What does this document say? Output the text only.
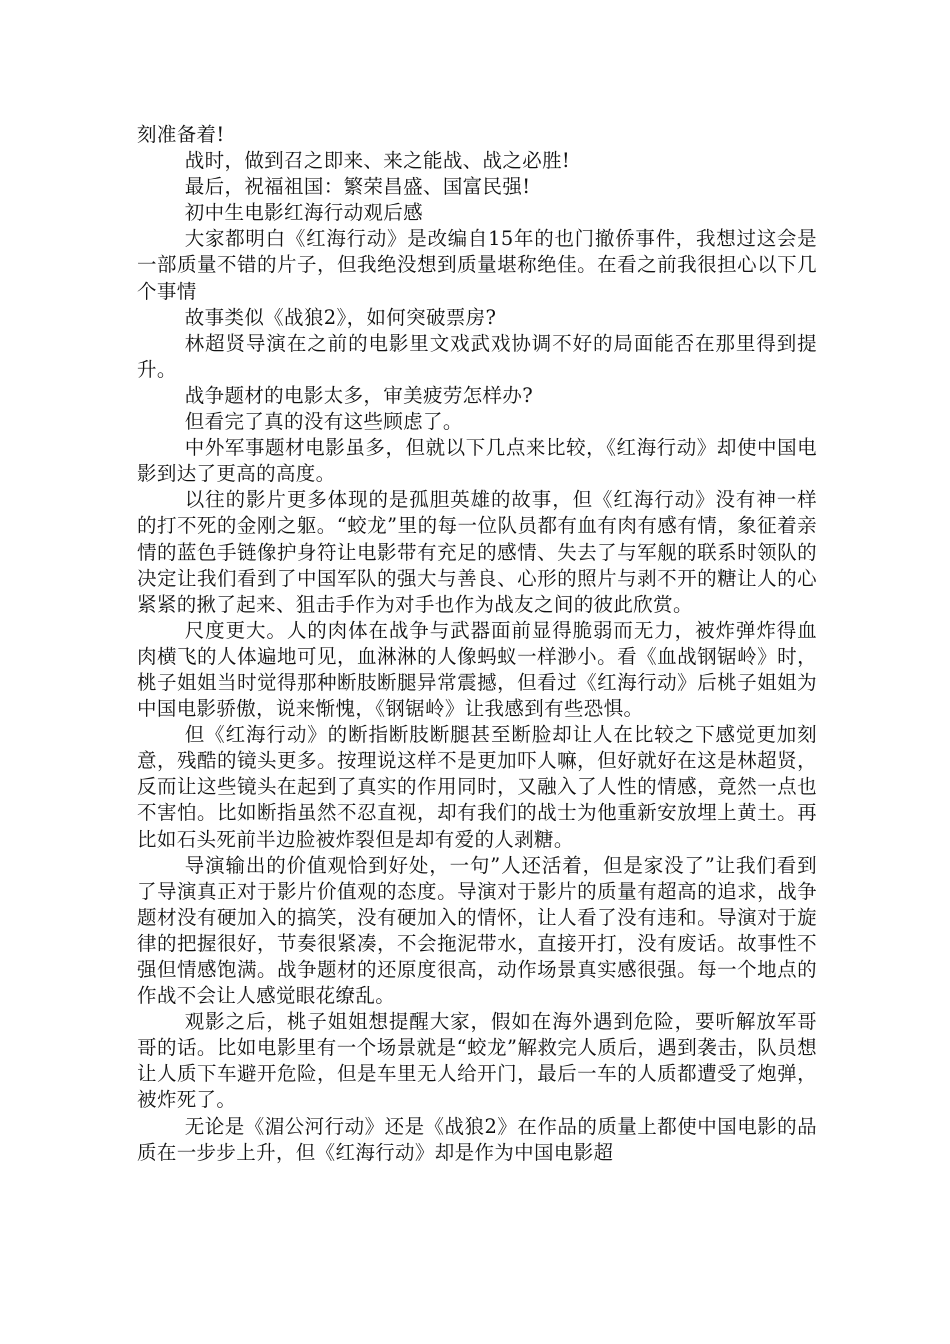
刻准备着!

战时，做到召之即来、来之能战、战之必胜!

最后，祝福祖国：繁荣昌盛、国富民强!

初中生电影红海行动观后感

大家都明白《红海行动》是改编自15年的也门撤侨事件，我想过这会是一部质量不错的片子，但我绝没想到质量堪称绝佳。在看之前我很担心以下几个事情

故事类似《战狼2》，如何突破票房?

林超贤导演在之前的电影里文戏武戏协调不好的局面能否在那里得到提升。

战争题材的电影太多，审美疲劳怎样办?

但看完了真的没有这些顾虑了。

中外军事题材电影虽多，但就以下几点来比较，《红海行动》却使中国电影到达了更高的高度。

以往的影片更多体现的是孤胆英雄的故事，但《红海行动》没有神一样的打不死的金刚之躯。“蛟龙”里的每一位队员都有血有肉有感有情，象征着亲情的蓝色手链像护身符让电影带有充足的感情、失去了与军舰的联系时领队的决定让我们看到了中国军队的强大与善良、心形的照片与剥不开的糖让人的心紧紧的揪了起来、狙击手作为对手也作为战友之间的彼此欣赏。

尺度更大。人的肉体在战争与武器面前显得脆弱而无力，被炸弹炸得血肉横飞的人体遍地可见，血淋淋的人像蚂蚁一样渺小。看《血战钢锯岭》时，桃子姐姐当时觉得那种断肢断腿异常震撼，但看过《红海行动》后桃子姐姐为中国电影骄傲，说来惭愧，《钢锯岭》让我感到有些恐惧。

但《红海行动》的断指断肢断腿甚至断脸却让人在比较之下感觉更加刻意，残酷的镜头更多。按理说这样不是更加吓人嘛，但好就好在这是林超贤，反而让这些镜头在起到了真实的作用同时，又融入了人性的情感，竟然一点也不害怕。比如断指虽然不忍直视，却有我们的战士为他重新安放埋上黄土。再比如石头死前半边脸被炸裂但是却有爱的人剥糖。

导演输出的价值观恰到好处，一句”人还活着，但是家没了”让我们看到了导演真正对于影片价值观的态度。导演对于影片的质量有超高的追求，战争题材没有硬加入的搞笑，没有硬加入的情怀，让人看了没有违和。导演对于旋律的把握很好，节奏很紧凑，不会拖泥带水，直接开打，没有废话。故事性不强但情感饱满。战争题材的还原度很高，动作场景真实感很强。每一个地点的作战不会让人感觉眼花缭乱。

观影之后，桃子姐姐想提醒大家，假如在海外遇到危险，要听解放军哥哥的话。比如电影里有一个场景就是“蛟龙”解救完人质后，遇到袭击，队员想让人质下车避开危险，但是车里无人给开门，最后一车的人质都遭受了炮弹，被炸死了。

无论是《湄公河行动》还是《战狼2》在作品的质量上都使中国电影的品质在一步步上升，但《红海行动》却是作为中国电影超
